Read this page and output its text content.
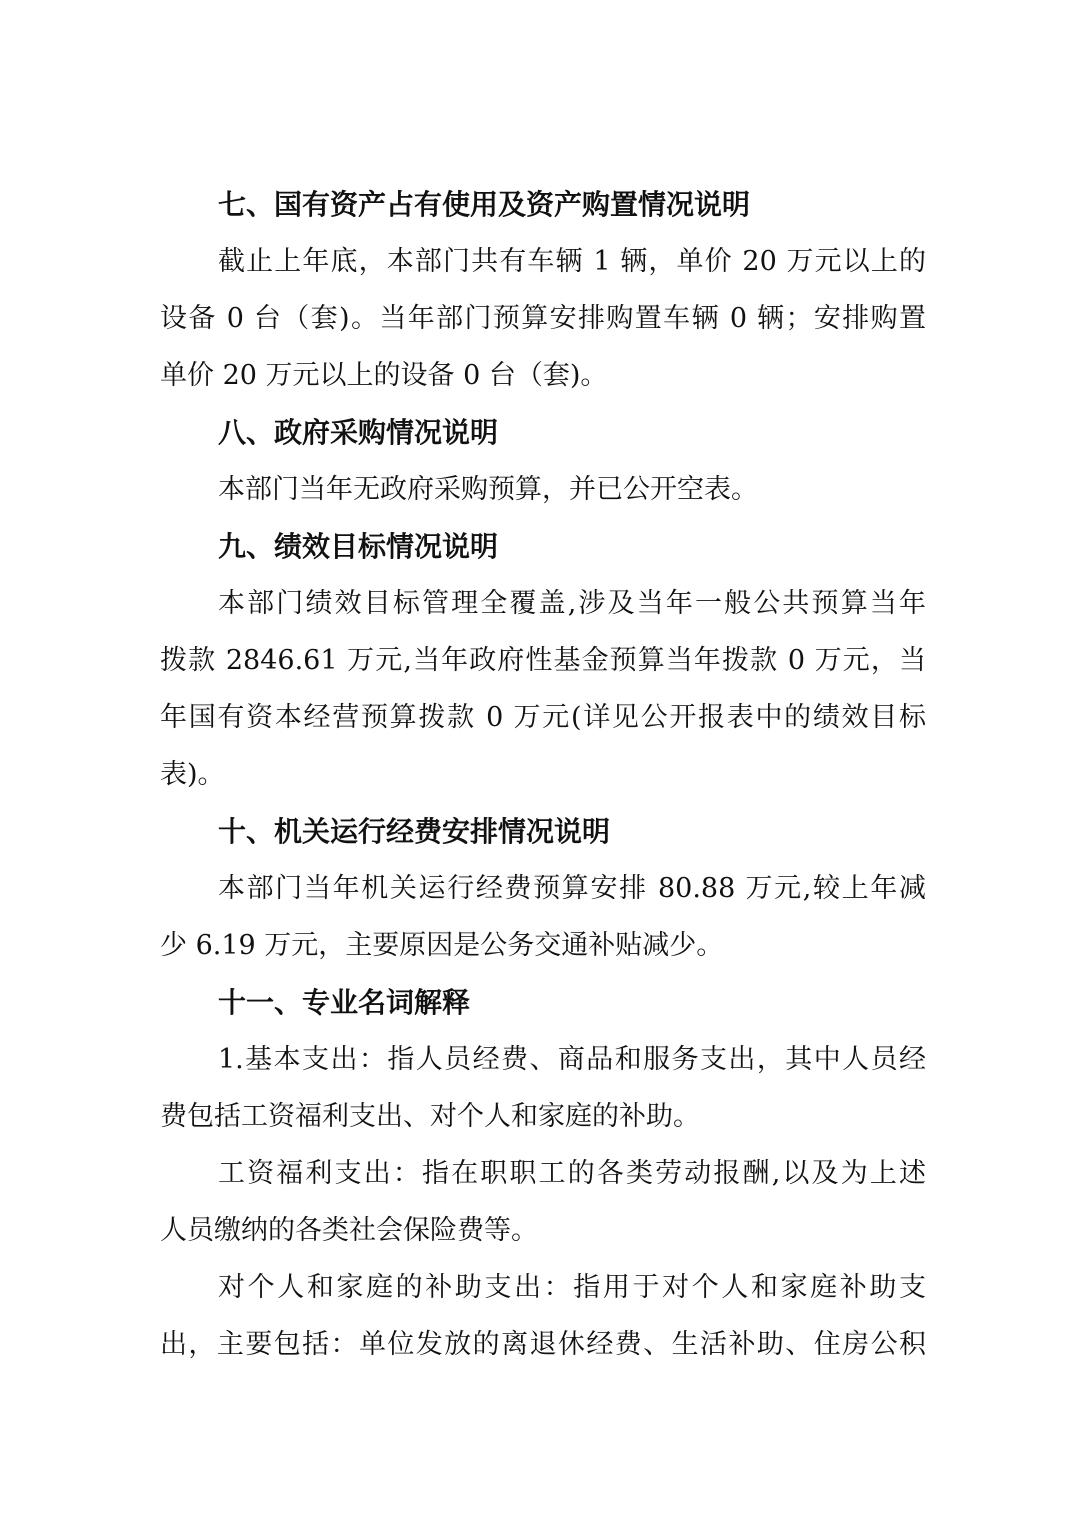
七、国有资产占有使用及资产购置情况说明

截止上年底，本部门共有车辆 1 辆，单价 20 万元以上的
设备 0 台（套)。当年部门预算安排购置车辆 0 辆；安排购置
单价 20 万元以上的设备 0 台（套)。

八、政府采购情况说明

本部门当年无政府采购预算，并已公开空表。

九、绩效目标情况说明

本部门绩效目标管理全覆盖,涉及当年一般公共预算当年
拨款 2846.61 万元,当年政府性基金预算当年拨款 0 万元，当
年国有资本经营预算拨款 0 万元(详见公开报表中的绩效目标
表)。

十、机关运行经费安排情况说明

本部门当年机关运行经费预算安排 80.88 万元,较上年减
少 6.19 万元，主要原因是公务交通补贴减少。

十一、专业名词解释

1.基本支出：指人员经费、商品和服务支出，其中人员经
费包括工资福利支出、对个人和家庭的补助。

工资福利支出：指在职职工的各类劳动报酬,以及为上述
人员缴纳的各类社会保险费等。

对个人和家庭的补助支出：指用于对个人和家庭补助支
出，主要包括：单位发放的离退休经费、生活补助、住房公积
